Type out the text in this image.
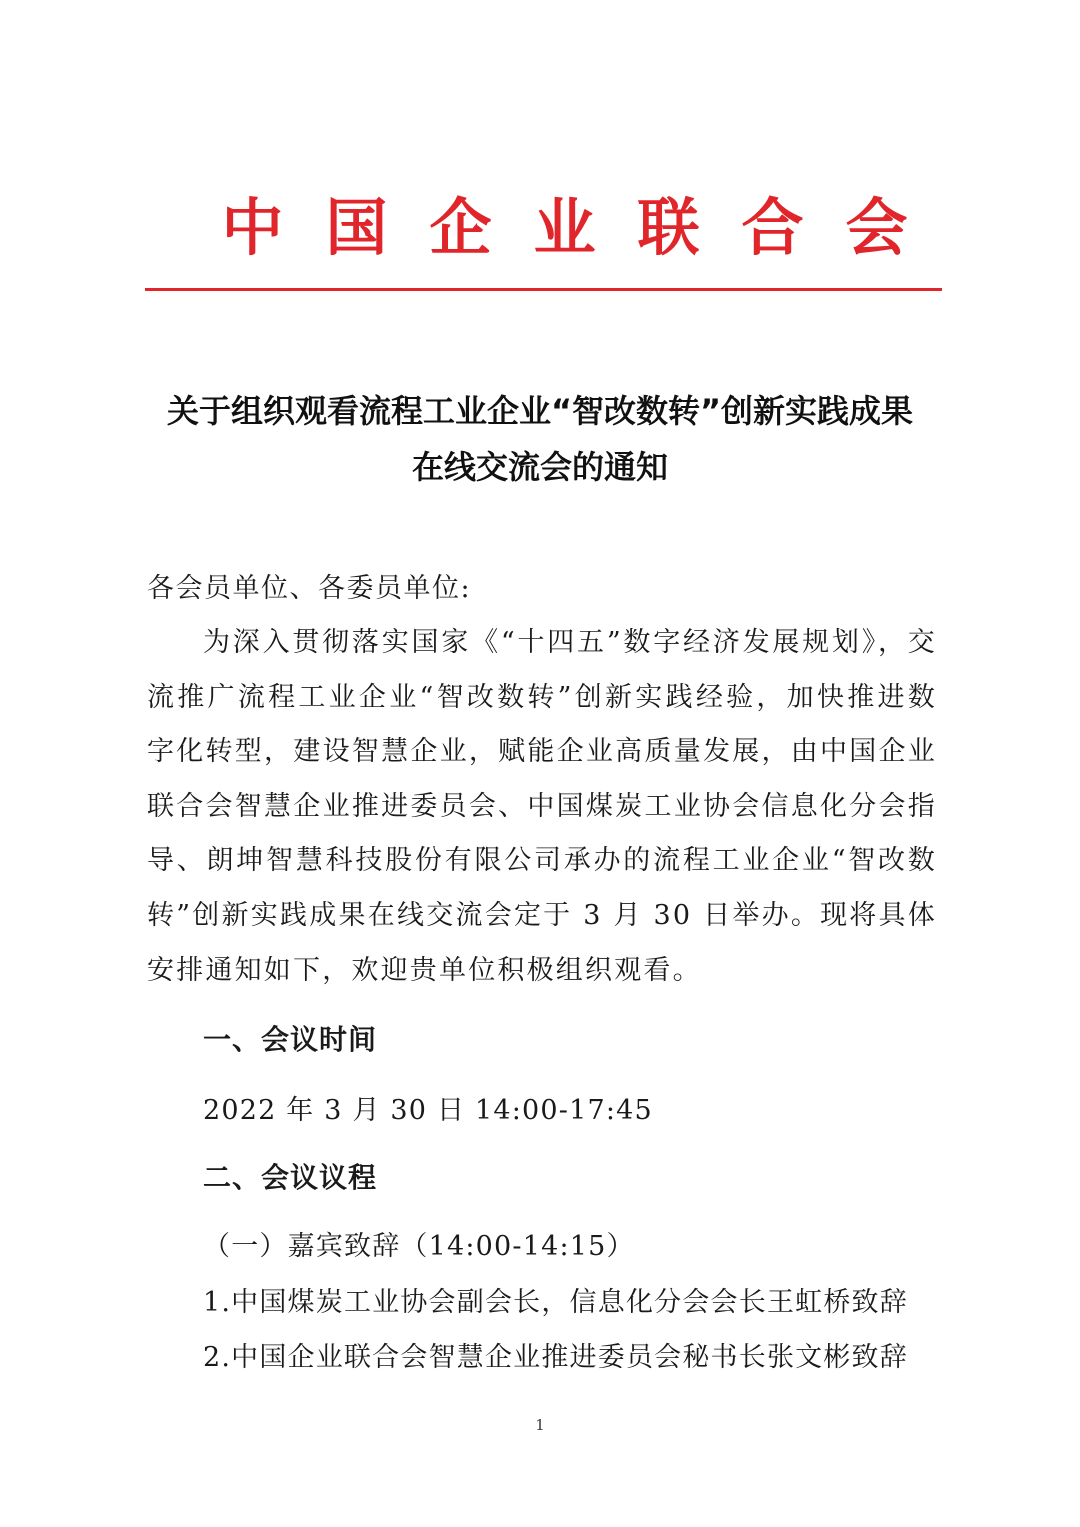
中国企业联合会
关于组织观看流程工业企业“智改数转”创新实践成果
在线交流会的通知
各会员单位、各委员单位:
为深入贯彻落实国家《“十四五”数字经济发展规划》，交流推广流程工业企业“智改数转”创新实践经验，加快推进数字化转型，建设智慧企业，赋能企业高质量发展，由中国企业联合会智慧企业推进委员会、中国煤炭工业协会信息化分会指导、朗坤智慧科技股份有限公司承办的流程工业企业“智改数转”创新实践成果在线交流会定于 3 月 30 日举办。现将具体安排通知如下，欢迎贵单位积极组织观看。
一、会议时间
2022 年 3 月 30 日 14:00-17:45
二、会议议程
（一）嘉宾致辞（14:00-14:15）
1.中国煤炭工业协会副会长，信息化分会会长王虹桥致辞
2.中国企业联合会智慧企业推进委员会秘书长张文彬致辞
1
